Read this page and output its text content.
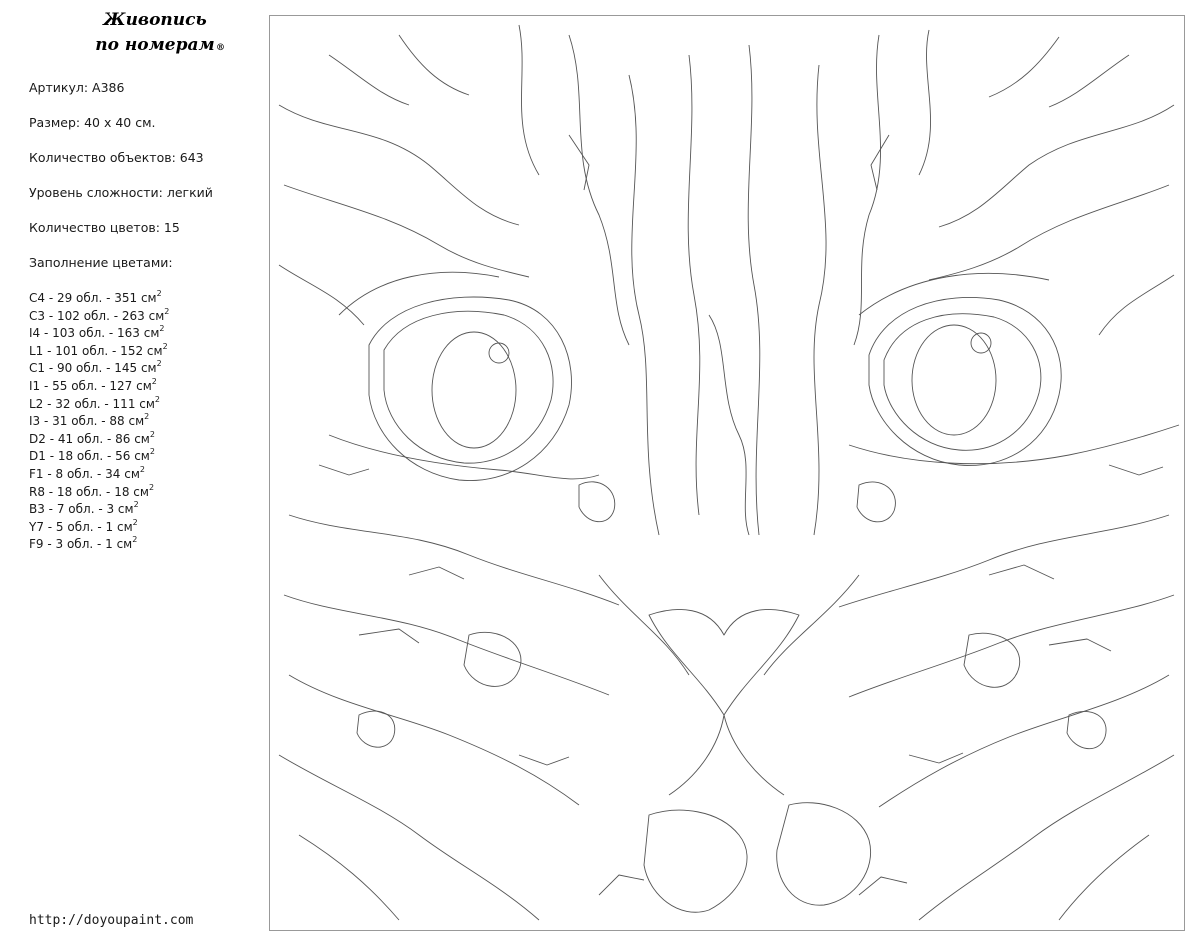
Живопись
по номерам ®
Артикул: A386
Размер: 40 х 40 см.
Количество объектов: 643
Уровень сложности: легкий
Количество цветов: 15
Заполнение цветами:
C4 - 29 обл. - 351 $см^2$
C3 - 102 обл. - 263 $см^2$
I4 - 103 обл. - 163 $см^2$
L1 - 101 обл. - 152 $см^2$
C1 - 90 обл. - 145 $см^2$
I1 - 55 обл. - 127 $см^2$
L2 - 32 обл. - 111 $см^2$
I3 - 31 обл. - 88 $см^2$
D2 - 41 обл. - 86 $см^2$
D1 - 18 обл. - 56 $см^2$
F1 - 8 обл. - 34 $см^2$
R8 - 18 обл. - 18 $см^2$
B3 - 7 обл. - 3 $см^2$
Y7 - 5 обл. - 1 $см^2$
F9 - 3 обл. - 1 $см^2$
http://doyoupaint.com
